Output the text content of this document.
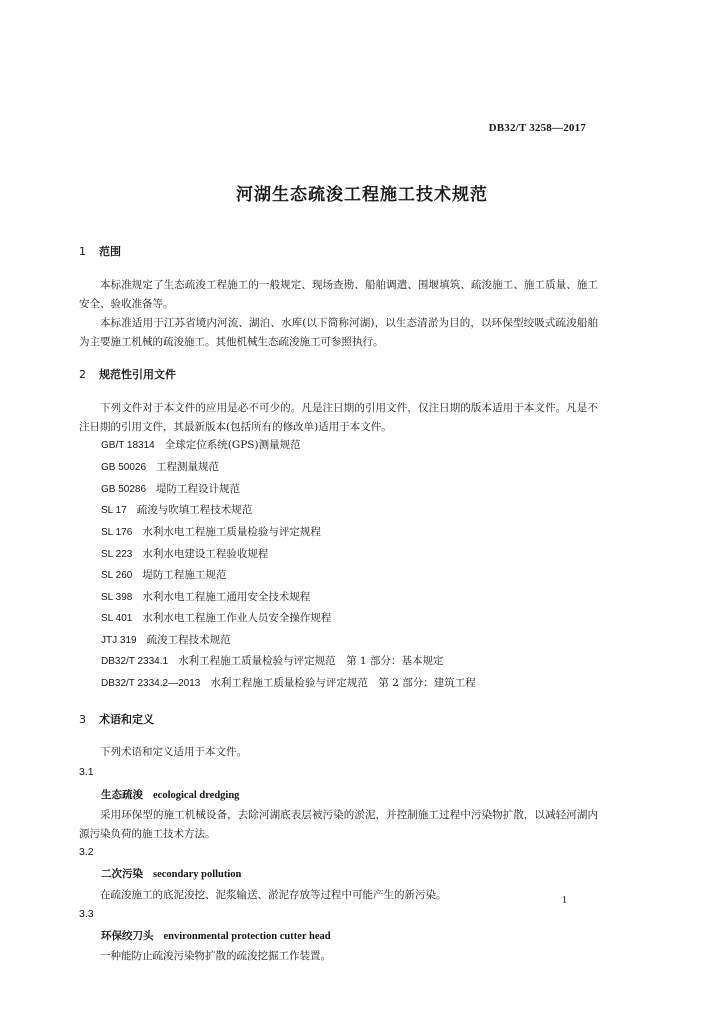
DB32/T 3258—2017
河湖生态疏浚工程施工技术规范
1 范围
本标准规定了生态疏浚工程施工的一般规定、现场查勘、船舶调遣、围堰填筑、疏浚施工、施工质量、施工安全、验收准备等。
本标准适用于江苏省境内河流、湖泊、水库(以下简称河湖)，以生态清淤为目的，以环保型绞吸式疏浚船舶为主要施工机械的疏浚施工。其他机械生态疏浚施工可参照执行。
2 规范性引用文件
下列文件对于本文件的应用是必不可少的。凡是注日期的引用文件，仅注日期的版本适用于本文件。凡是不注日期的引用文件，其最新版本(包括所有的修改单)适用于本文件。
GB/T 18314 全球定位系统(GPS)测量规范
GB 50026 工程测量规范
GB 50286 堤防工程设计规范
SL 17 疏浚与吹填工程技术规范
SL 176 水利水电工程施工质量检验与评定规程
SL 223 水利水电建设工程验收规程
SL 260 堤防工程施工规范
SL 398 水利水电工程施工通用安全技术规程
SL 401 水利水电工程施工作业人员安全操作规程
JTJ 319 疏浚工程技术规范
DB32/T 2334.1 水利工程施工质量检验与评定规范　第 1 部分：基本规定
DB32/T 2334.2—2013 水利工程施工质量检验与评定规范　第 2 部分：建筑工程
3 术语和定义
下列术语和定义适用于本文件。
3.1
生态疏浚 ecological dredging
采用环保型的施工机械设备，去除河湖底表层被污染的淤泥，并控制施工过程中污染物扩散，以减轻河湖内源污染负荷的施工技术方法。
3.2
二次污染 secondary pollution
在疏浚施工的底泥浚挖、泥浆输送、淤泥存放等过程中可能产生的新污染。
3.3
环保绞刀头 environmental protection cutter head
一种能防止疏浚污染物扩散的疏浚挖掘工作装置。
1
